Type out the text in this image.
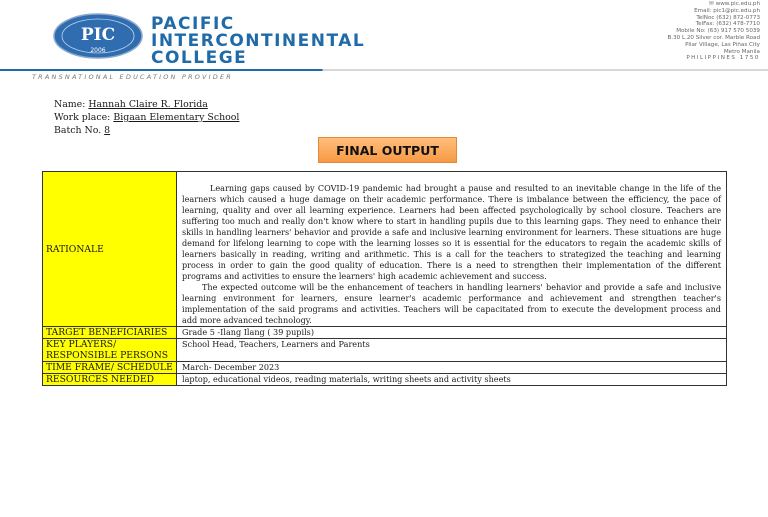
PIC
2006
PACIFIC
INTERCONTINENTAL
COLLEGE
✉ www.pic.edu.ph
Email: pic1@pic.edu.ph
TelNoc (632) 872-0773
TelFax: (632) 478-7710
Mobile No: (63) 917 570 5039
B.30 L.20 Silver cor. Marble Road
Pilar Village, Las Piñas City
Metro Manila
PHILIPPINES 1750
TRANSNATIONAL EDUCATION PROVIDER
Name: Hannah Claire R. Florida
Work place: Bigaan Elementary School
Batch No. 8
FINAL OUTPUT
RATIONALE	Learning gaps caused by COVID-19 pandemic had brought a pause and resulted to an inevitable change in the life of the learners which caused a huge damage on their academic performance. There is imbalance between the efficiency, the pace of learning, quality and over all learning experience. Learners had been affected psychologically by school closure. Teachers are suffering too much and really don't know where to start in handling pupils due to this learning gaps. They need to enhance their skills in handling learners' behavior and provide a safe and inclusive learning environment for learners. These situations are huge demand for lifelong learning to cope with the learning losses so it is essential for the educators to regain the academic skills of learners basically in reading, writing and arithmetic. This is a call for the teachers to strategized the teaching and learning process in order to gain the good quality of education. There is a need to strengthen their implementation of the different programs and activities to ensure the learners' high academic achievement and success.

The expected outcome will be the enhancement of teachers in handling learners' behavior and provide a safe and inclusive learning environment for learners, ensure learner's academic performance and achievement and strengthen teacher's implementation of the said programs and activities. Teachers will be capacitated from to execute the development process and add more advanced technology.

TARGET BENEFICIARIES	Grade 5 -Ilang Ilang ( 39 pupils)
KEY PLAYERS/ RESPONSIBLE PERSONS	School Head, Teachers, Learners and Parents
TIME FRAME/ SCHEDULE	March- December 2023
RESOURCES NEEDED	laptop, educational videos, reading materials, writing sheets and activity sheets
